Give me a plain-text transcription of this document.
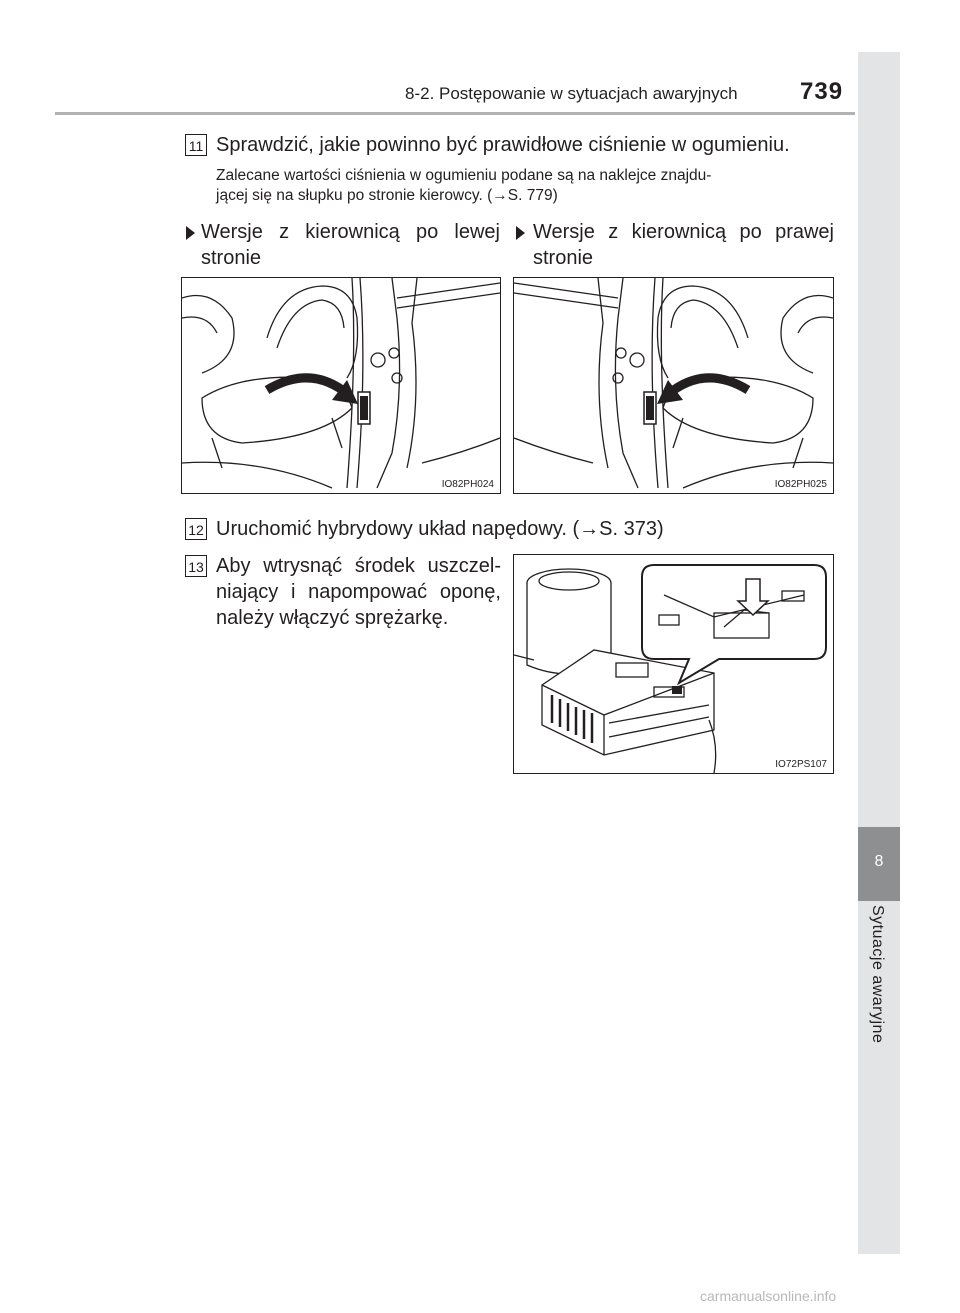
8-2. Postępowanie w sytuacjach awaryjnych	739
8
Sytuacje awaryjne
11 Sprawdzić, jakie powinno być prawidłowe ciśnienie w ogumieniu.
Zalecane wartości ciśnienia w ogumieniu podane są na naklejce znajdu-
jącej się na słupku po stronie kierowcy. (→S. 779)
Wersje z kierownicą po lewej stronie
Wersje z kierownicą po prawej stronie
IO82PH024	IO82PH025
12 Uruchomić hybrydowy układ napędowy. (→S. 373)
13 Aby wtrysnąć środek uszczel-niający i napompować oponę, należy włączyć sprężarkę.
IO72PS107
carmanualsonline.info
